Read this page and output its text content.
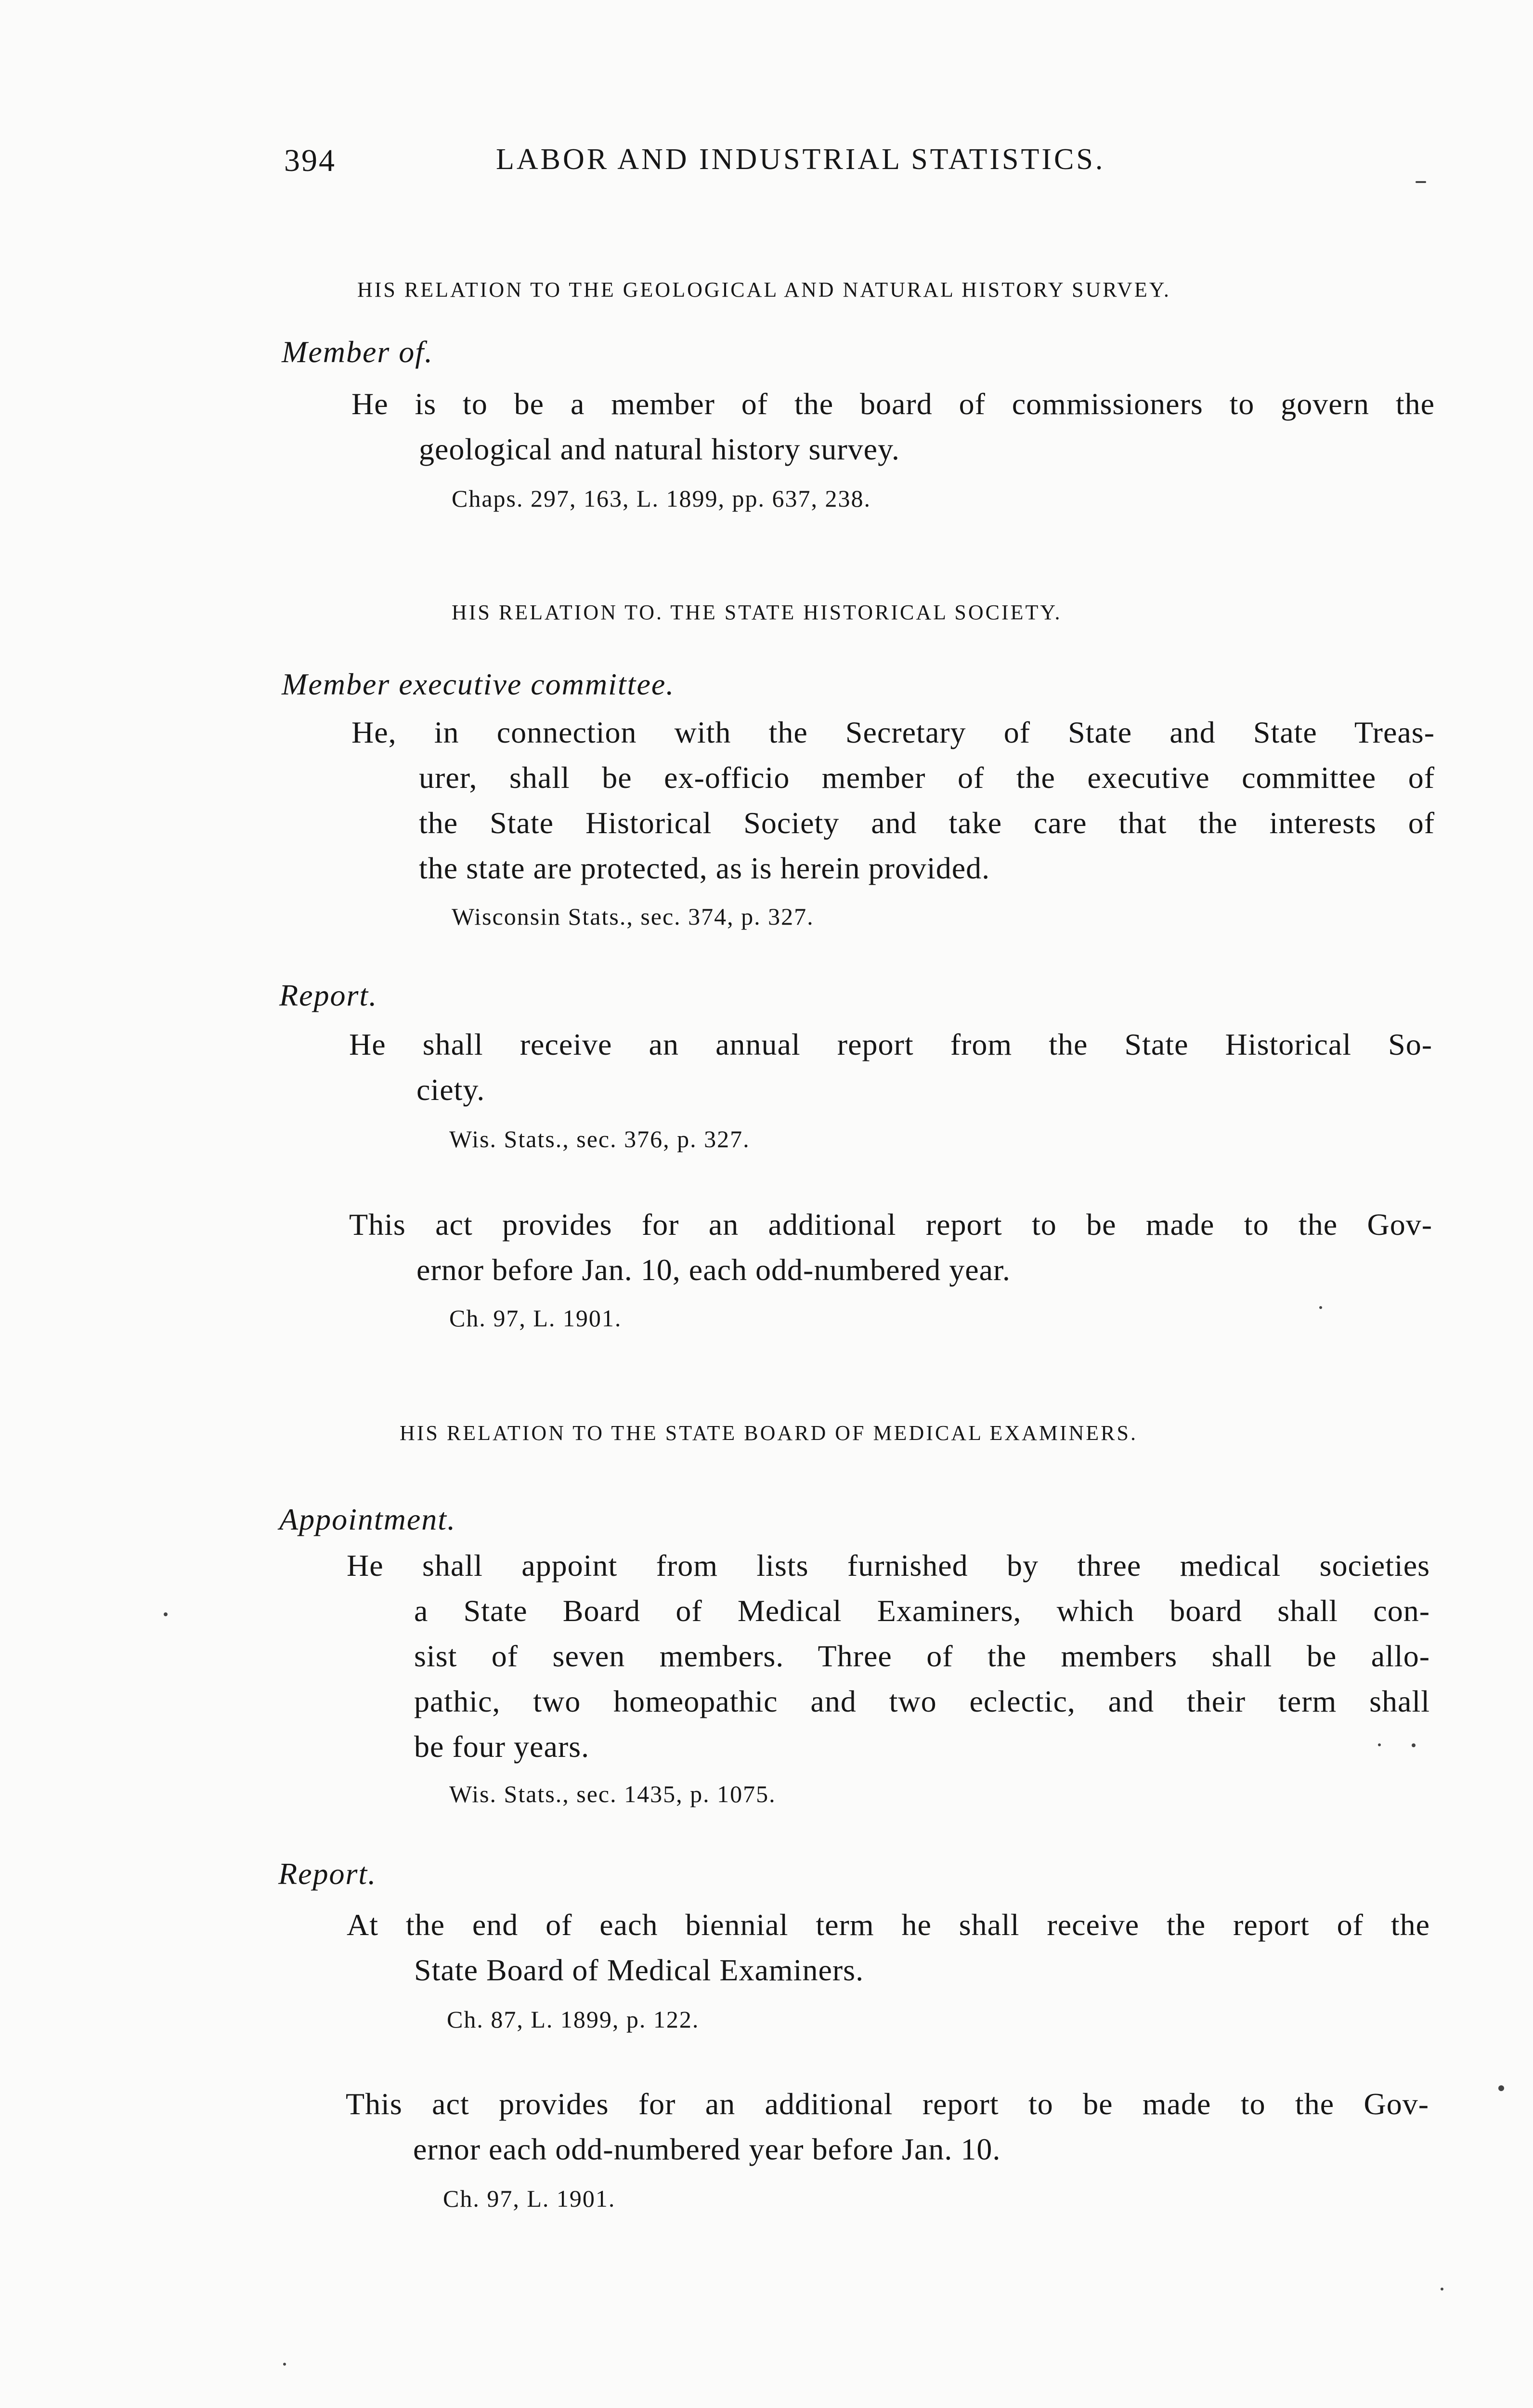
394	LABOR AND INDUSTRIAL STATISTICS.
HIS RELATION TO THE GEOLOGICAL AND NATURAL HISTORY SURVEY.
Member of.
He is to be a member of the board of commissioners to govern the
geological and natural history survey.
Chaps. 297, 163, L. 1899, pp. 637, 238.
HIS RELATION TO. THE STATE HISTORICAL SOCIETY.
Member executive committee.
He, in connection with the Secretary of State and State Treas-
urer, shall be ex-officio member of the executive committee of
the State Historical Society and take care that the interests of
the state are protected, as is herein provided.
Wisconsin Stats., sec. 374, p. 327.
Report.
He shall receive an annual report from the State Historical So-
ciety.
Wis. Stats., sec. 376, p. 327.
This act provides for an additional report to be made to the Gov-
ernor before Jan. 10, each odd-numbered year.
Ch. 97, L. 1901.
HIS RELATION TO THE STATE BOARD OF MEDICAL EXAMINERS.
Appointment.
He shall appoint from lists furnished by three medical societies
a State Board of Medical Examiners, which board shall con-
sist of seven members. Three of the members shall be allo-
pathic, two homeopathic and two eclectic, and their term shall
be four years.
Wis. Stats., sec. 1435, p. 1075.
Report.
At the end of each biennial term he shall receive the report of the
State Board of Medical Examiners.
Ch. 87, L. 1899, p. 122.
This act provides for an additional report to be made to the Gov-
ernor each odd-numbered year before Jan. 10.
Ch. 97, L. 1901.
